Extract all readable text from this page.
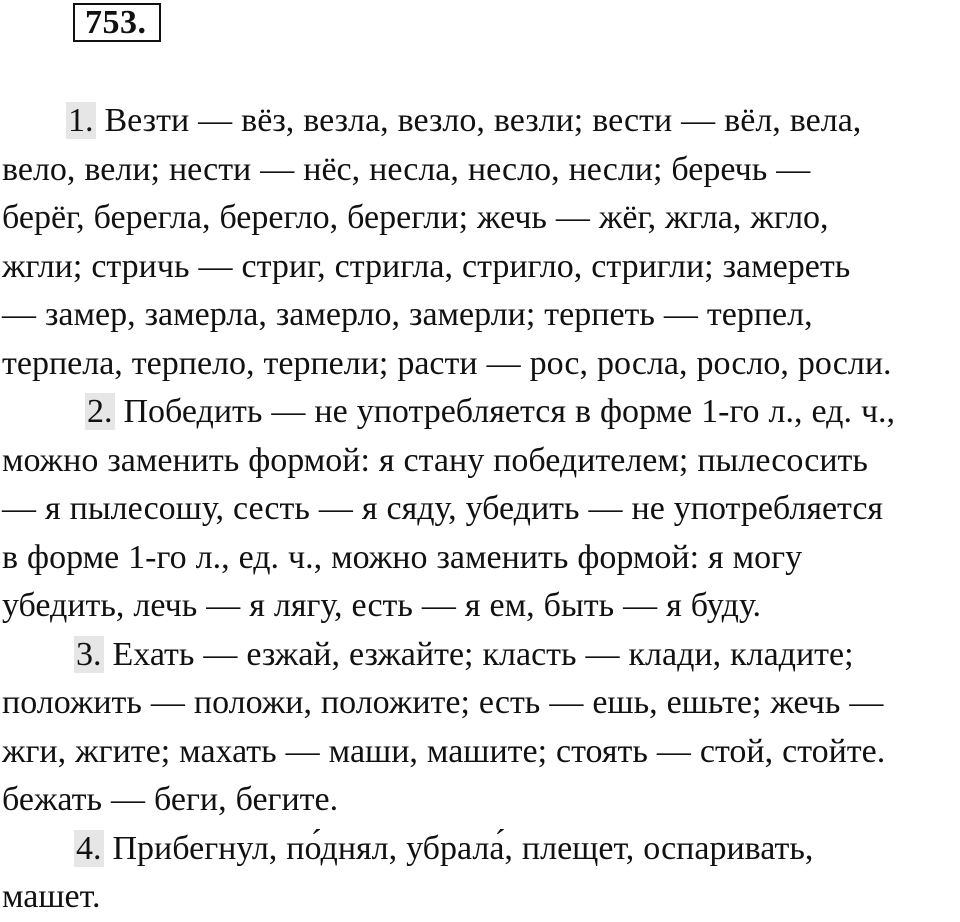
753.

1. Везти — вёз, везла, везло, везли; вести — вёл, вела,
вело, вели; нести — нёс, несла, несло, несли; беречь —
берёг, берегла, берегло, берегли; жечь — жёг, жгла, жгло,
жгли; стричь — стриг, стригла, стригло, стригли; замереть
— замер, замерла, замерло, замерли; терпеть — терпел,
терпела, терпело, терпели; расти — рос, росла, росло, росли.

2. Победить — не употребляется в форме 1-го л., ед. ч.,
можно заменить формой: я стану победителем; пылесосить
— я пылесошу, сесть — я сяду, убедить — не употребляется
в форме 1-го л., ед. ч., можно заменить формой: я могу
убедить, лечь — я лягу, есть — я ем, быть — я буду.

3. Ехать — езжай, езжайте; класть — клади, кладите;
положить — положи, положите; есть — ешь, ешьте; жечь —
жги, жгите; махать — маши, машите; стоять — стой, стойте.
бежать — беги, бегите.

4. Прибегнул, по́днял, убрала́, плещет, оспаривать,
машет.
